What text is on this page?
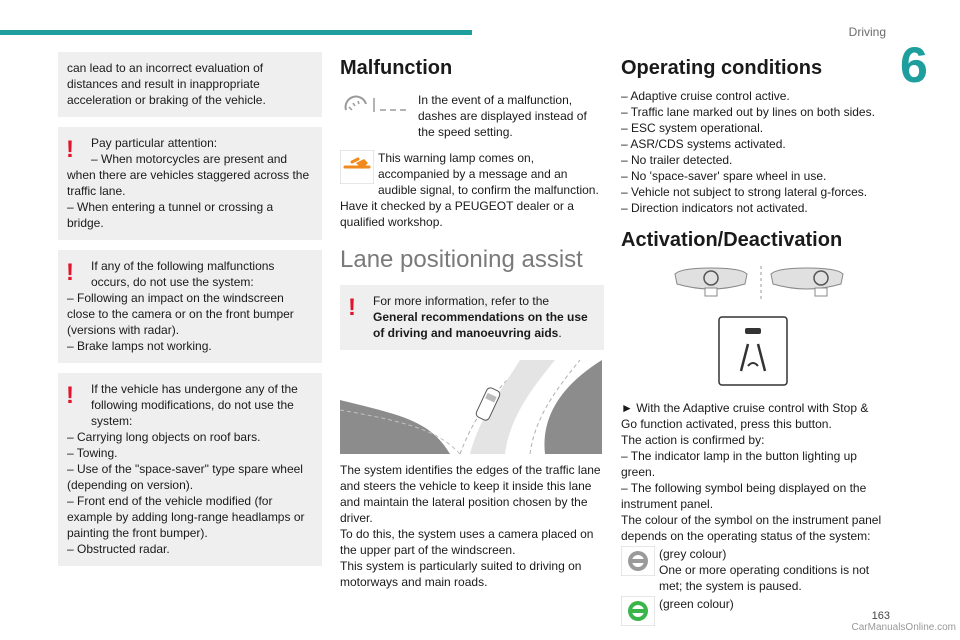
Driving
6
can lead to an incorrect evaluation of distances and result in inappropriate acceleration or braking of the vehicle.
!	Pay particular attention:
– When motorcycles are present and when there are vehicles staggered across the traffic lane.
– When entering a tunnel or crossing a bridge.
!	If any of the following malfunctions occurs, do not use the system:
– Following an impact on the windscreen close to the camera or on the front bumper (versions with radar).
– Brake lamps not working.
!	If the vehicle has undergone any of the following modifications, do not use the system:
– Carrying long objects on roof bars.
– Towing.
– Use of the "space-saver" type spare wheel (depending on version).
– Front end of the vehicle modified (for example by adding long-range headlamps or painting the front bumper).
– Obstructed radar.
Malfunction
In the event of a malfunction, dashes are displayed instead of the speed setting.
This warning lamp comes on, accompanied by a message and an audible signal, to confirm the malfunction.
Have it checked by a PEUGEOT dealer or a qualified workshop.
Lane positioning assist
!	For more information, refer to the General recommendations on the use of driving and manoeuvring aids.
The system identifies the edges of the traffic lane and steers the vehicle to keep it inside this lane and maintain the lateral position chosen by the driver.
To do this, the system uses a camera placed on the upper part of the windscreen.
This system is particularly suited to driving on motorways and main roads.
Operating conditions
– Adaptive cruise control active.
– Traffic lane marked out by lines on both sides.
– ESC system operational.
– ASR/CDS systems activated.
– No trailer detected.
– No 'space-saver' spare wheel in use.
– Vehicle not subject to strong lateral g-forces.
– Direction indicators not activated.
Activation/Deactivation
► With the Adaptive cruise control with Stop & Go function activated, press this button.
The action is confirmed by:
– The indicator lamp in the button lighting up green.
– The following symbol being displayed on the instrument panel.
The colour of the symbol on the instrument panel depends on the operating status of the system:
(grey colour)
One or more operating conditions is not met; the system is paused.
(green colour)
163
CarManualsOnline.com
